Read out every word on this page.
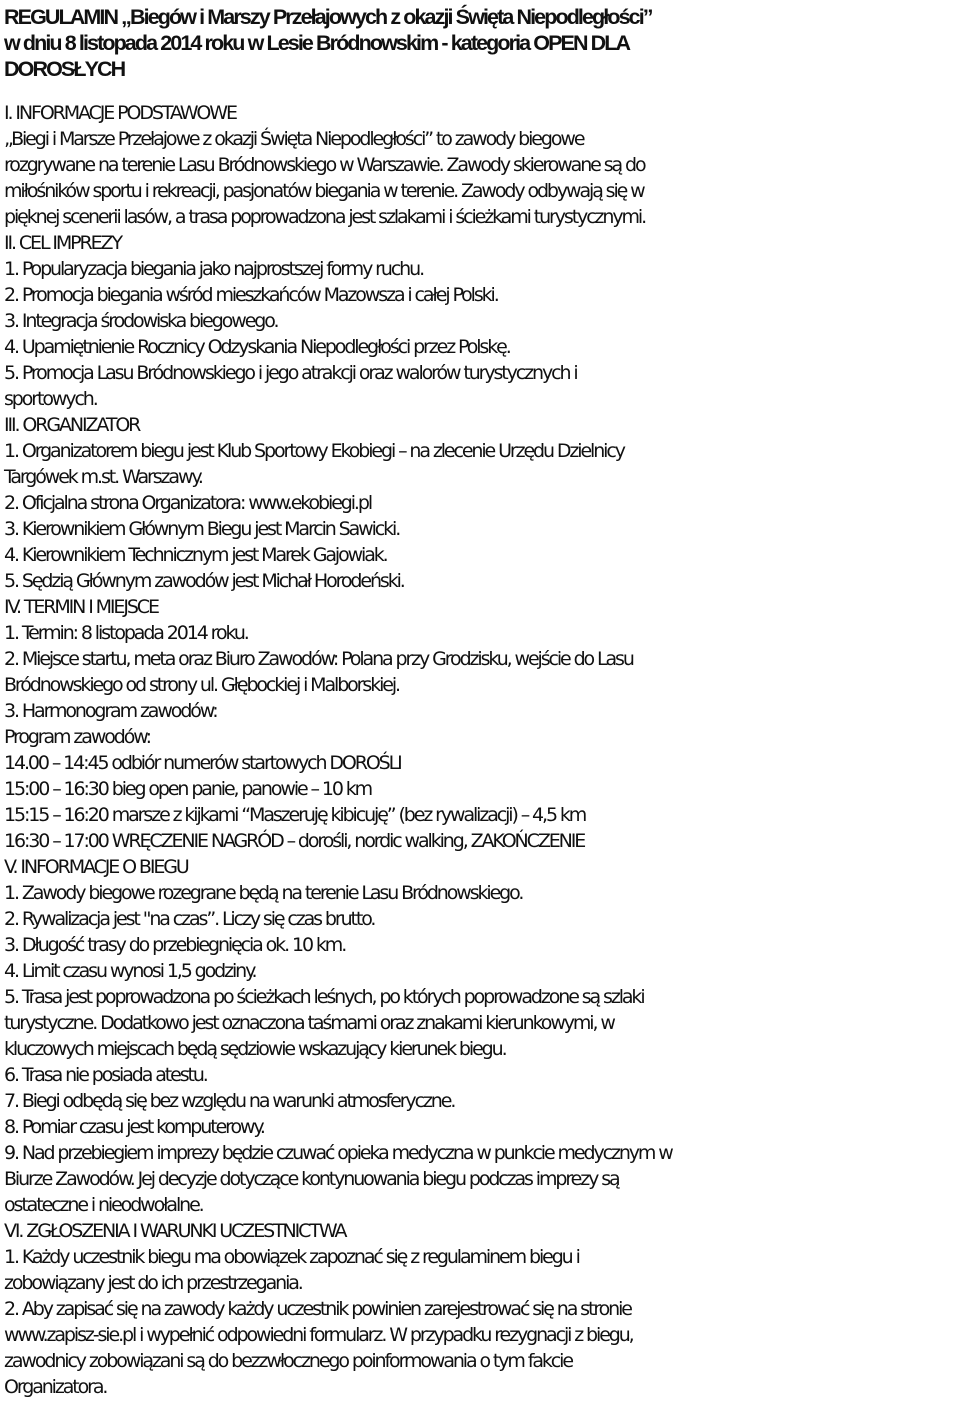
REGULAMIN „Biegów i Marszy Przełajowych z okazji Święta Niepodległości”
w dniu 8 listopada 2014 roku w Lesie Bródnowskim - kategoria OPEN DLA
DOROSŁYCH
I. INFORMACJE PODSTAWOWE
„Biegi i Marsze Przełajowe z okazji Święta Niepodległości” to zawody biegowe
rozgrywane na terenie Lasu Bródnowskiego w Warszawie. Zawody skierowane są do
miłośników sportu i rekreacji, pasjonatów biegania w terenie. Zawody odbywają się w
pięknej scenerii lasów, a trasa poprowadzona jest szlakami i ścieżkami turystycznymi.
II. CEL IMPREZY
1. Popularyzacja biegania jako najprostszej formy ruchu.
2. Promocja biegania wśród mieszkańców Mazowsza i całej Polski.
3. Integracja środowiska biegowego.
4. Upamiętnienie Rocznicy Odzyskania Niepodległości przez Polskę.
5. Promocja Lasu Bródnowskiego i jego atrakcji oraz walorów turystycznych i
sportowych.
III. ORGANIZATOR
1. Organizatorem biegu jest Klub Sportowy Ekobiegi – na zlecenie Urzędu Dzielnicy
Targówek m.st. Warszawy.
2. Oficjalna strona Organizatora: www.ekobiegi.pl
3. Kierownikiem Głównym Biegu jest Marcin Sawicki.
4. Kierownikiem Technicznym jest Marek Gajowiak.
5. Sędzią Głównym zawodów jest Michał Horodeński.
IV. TERMIN I MIEJSCE
1. Termin: 8 listopada 2014 roku.
2. Miejsce startu, meta oraz Biuro Zawodów: Polana przy Grodzisku, wejście do Lasu
Bródnowskiego od strony ul. Głębockiej i Malborskiej.
3. Harmonogram zawodów:
Program zawodów:
14.00 – 14:45 odbiór numerów startowych DOROŚLI
15:00 – 16:30 bieg open panie, panowie – 10 km
15:15 – 16:20 marsze z kijkami “Maszeruję kibicuję” (bez rywalizacji) – 4,5 km
16:30 – 17:00 WRĘCZENIE NAGRÓD – dorośli, nordic walking, ZAKOŃCZENIE
V. INFORMACJE O BIEGU
1. Zawody biegowe rozegrane będą na terenie Lasu Bródnowskiego.
2. Rywalizacja jest "na czas”. Liczy się czas brutto.
3. Długość trasy do przebiegnięcia ok. 10 km.
4. Limit czasu wynosi 1,5 godziny.
5. Trasa jest poprowadzona po ścieżkach leśnych, po których poprowadzone są szlaki
turystyczne. Dodatkowo jest oznaczona taśmami oraz znakami kierunkowymi, w
kluczowych miejscach będą sędziowie wskazujący kierunek biegu.
6. Trasa nie posiada atestu.
7. Biegi odbędą się bez względu na warunki atmosferyczne.
8. Pomiar czasu jest komputerowy.
9. Nad przebiegiem imprezy będzie czuwać opieka medyczna w punkcie medycznym w
Biurze Zawodów. Jej decyzje dotyczące kontynuowania biegu podczas imprezy są
ostateczne i nieodwołalne.
VI. ZGŁOSZENIA I WARUNKI UCZESTNICTWA
1. Każdy uczestnik biegu ma obowiązek zapoznać się z regulaminem biegu i
zobowiązany jest do ich przestrzegania.
2. Aby zapisać się na zawody każdy uczestnik powinien zarejestrować się na stronie
www.zapisz-sie.pl i wypełnić odpowiedni formularz. W przypadku rezygnacji z biegu,
zawodnicy zobowiązani są do bezzwłocznego poinformowania o tym fakcie
Organizatora.
